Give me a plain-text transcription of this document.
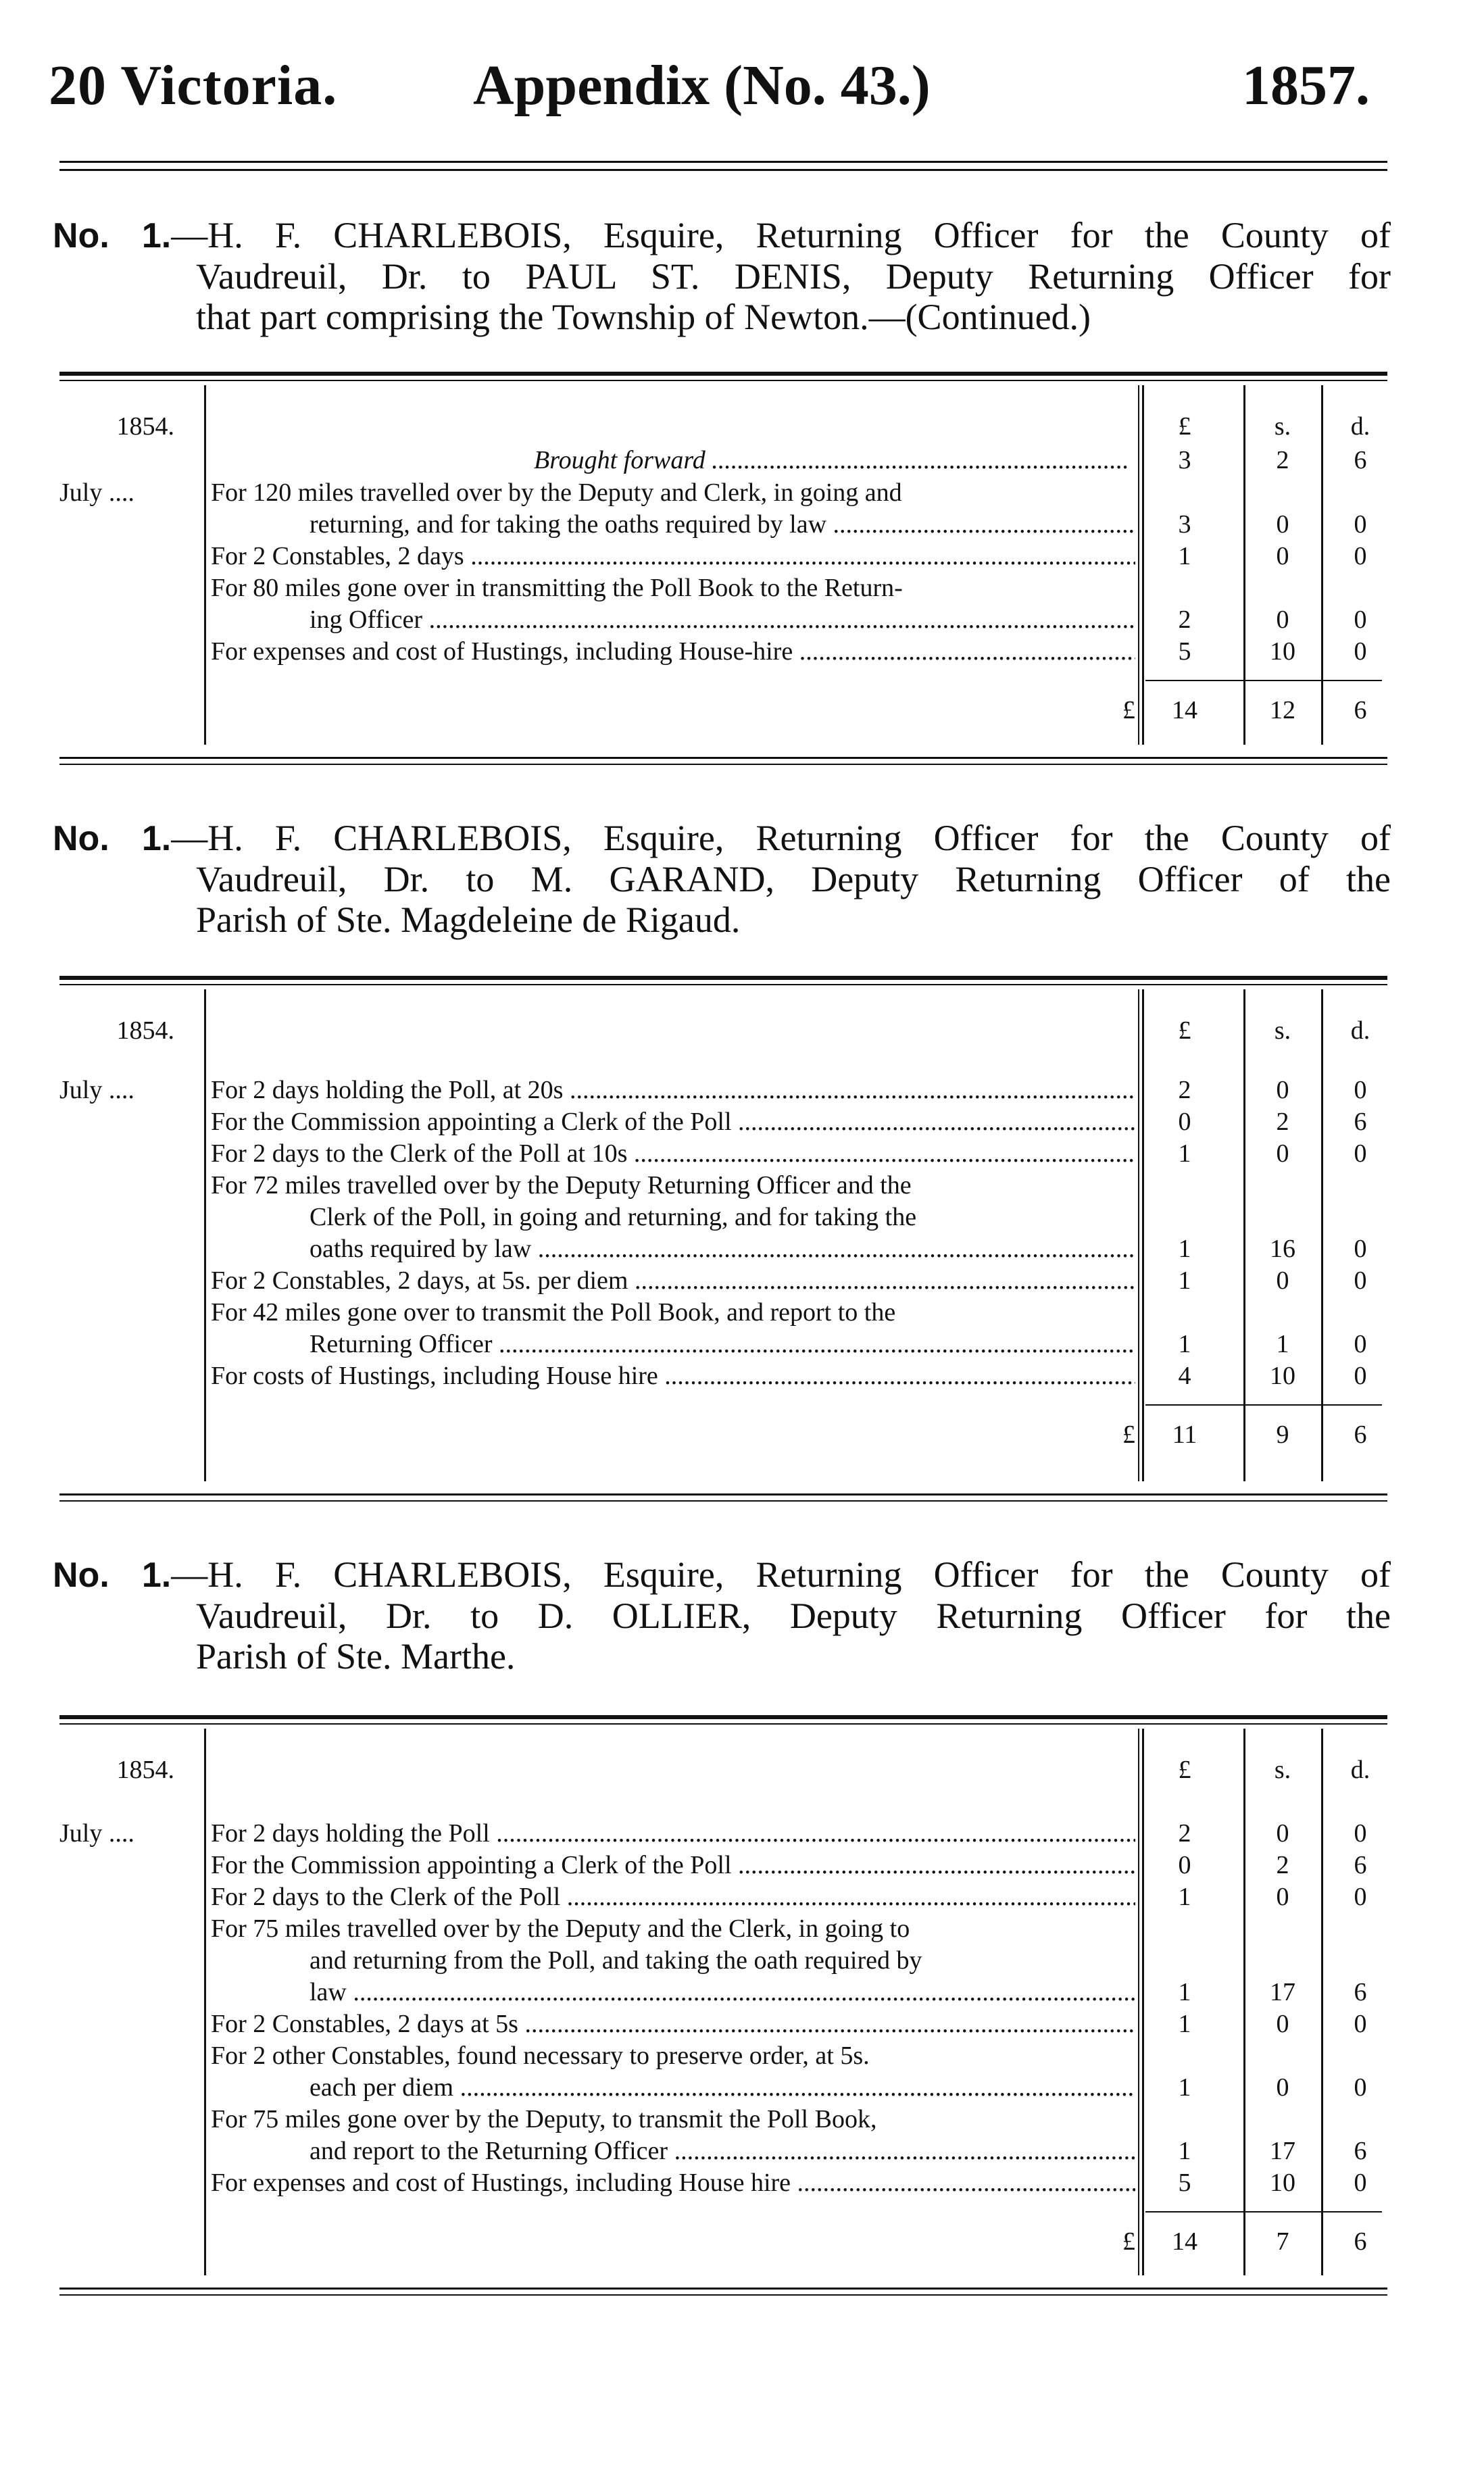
20 Victoria. Appendix (No. 43.)	1857.
No. 1.—H. F. CHARLEBOIS, Esquire, Returning Officer for the County of
Vaudreuil, Dr. to PAUL ST. DENIS, Deputy Returning Officer for
that part comprising the Township of Newton.—(Continued.)
1854.	£	s.	d.
Brought forward .....	3	2	6
July ....	For 120 miles travelled over by the Deputy and Clerk, in going and
returning, and for taking the oaths required by law .....	3	0	0
For 2 Constables, 2 days .....	1	0	0
For 80 miles gone over in transmitting the Poll Book to the Return-
ing Officer .....	2	0	0
For expenses and cost of Hustings, including House-hire .....	5	10	0
£	14	12	6
No. 1.—H. F. CHARLEBOIS, Esquire, Returning Officer for the County of
Vaudreuil, Dr. to M. GARAND, Deputy Returning Officer of the
Parish of Ste. Magdeleine de Rigaud.
1854.	£	s.	d.
July ....	For 2 days holding the Poll, at 20s .....	2	0	0
For the Commission appointing a Clerk of the Poll .....	0	2	6
For 2 days to the Clerk of the Poll at 10s .....	1	0	0
For 72 miles travelled over by the Deputy Returning Officer and the
Clerk of the Poll, in going and returning, and for taking the
oaths required by law .....	1	16	0
For 2 Constables, 2 days, at 5s. per diem .....	1	0	0
For 42 miles gone over to transmit the Poll Book, and report to the
Returning Officer .....	1	1	0
For costs of Hustings, including House hire .....	4	10	0
£	11	9	6
No. 1.—H. F. CHARLEBOIS, Esquire, Returning Officer for the County of
Vaudreuil, Dr. to D. OLLIER, Deputy Returning Officer for the
Parish of Ste. Marthe.
1854.	£	s.	d.
July ....	For 2 days holding the Poll .....	2	0	0
For the Commission appointing a Clerk of the Poll .....	0	2	6
For 2 days to the Clerk of the Poll .....	1	0	0
For 75 miles travelled over by the Deputy and the Clerk, in going to
and returning from the Poll, and taking the oath required by
law .....	1	17	6
For 2 Constables, 2 days at 5s .....	1	0	0
For 2 other Constables, found necessary to preserve order, at 5s.
each per diem .....	1	0	0
For 75 miles gone over by the Deputy, to transmit the Poll Book,
and report to the Returning Officer .....	1	17	6
For expenses and cost of Hustings, including House hire .....	5	10	0
£	14	7	6
